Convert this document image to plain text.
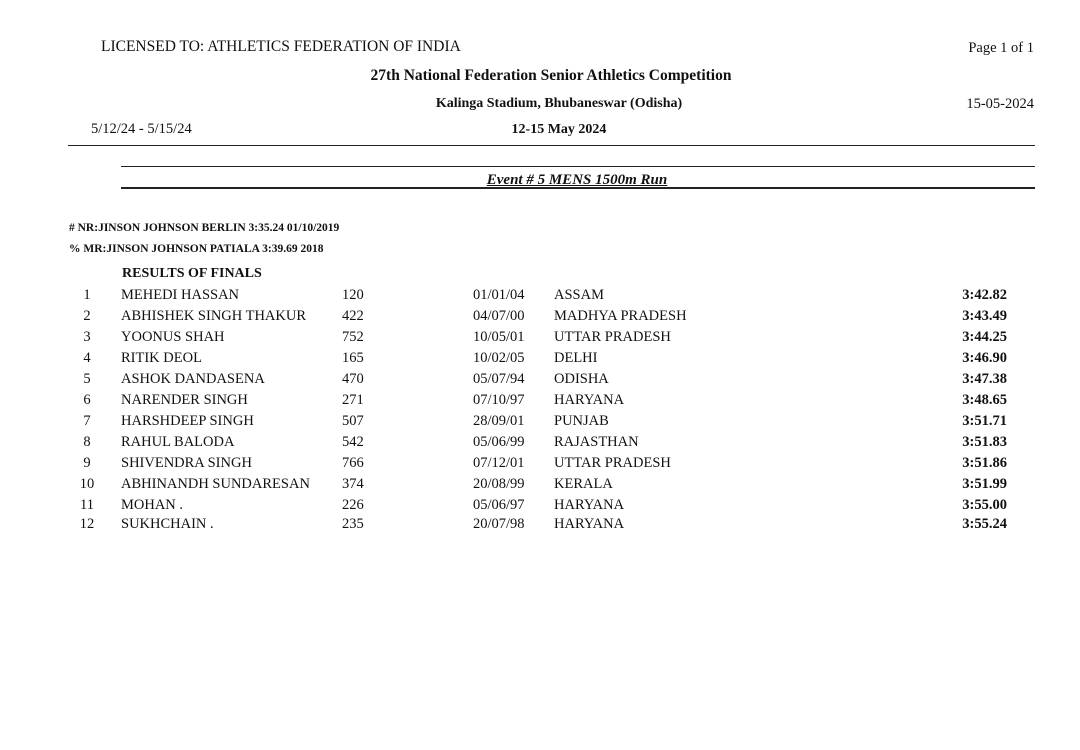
LICENSED TO: ATHLETICS FEDERATION OF INDIA	Page 1 of 1
27th National Federation Senior Athletics Competition
Kalinga Stadium, Bhubaneswar (Odisha)	15-05-2024
5/12/24 - 5/15/24	12-15 May 2024
Event # 5 MENS 1500m Run
# NR:JINSON JOHNSON BERLIN 3:35.24 01/10/2019
% MR:JINSON JOHNSON PATIALA 3:39.69 2018
RESULTS OF FINALS
1	MEHEDI HASSAN	120	01/01/04 ASSAM	3:42.82
2	ABHISHEK SINGH THAKUR 422	04/07/00 MADHYA PRADESH	3:43.49
3	YOONUS SHAH	752	10/05/01 UTTAR PRADESH	3:44.25
4	RITIK DEOL	165	10/02/05 DELHI	3:46.90
5	ASHOK DANDASENA	470	05/07/94 ODISHA	3:47.38
6	NARENDER SINGH	271	07/10/97 HARYANA	3:48.65
7	HARSHDEEP SINGH	507	28/09/01 PUNJAB	3:51.71
8	RAHUL BALODA	542	05/06/99 RAJASTHAN	3:51.83
9	SHIVENDRA SINGH	766	07/12/01 UTTAR PRADESH	3:51.86
10	ABHINANDH SUNDARESAN 374	20/08/99 KERALA	3:51.99
11	MOHAN .	226	05/06/97 HARYANA	3:55.00
12	SUKHCHAIN .	235	20/07/98 HARYANA	3:55.24
